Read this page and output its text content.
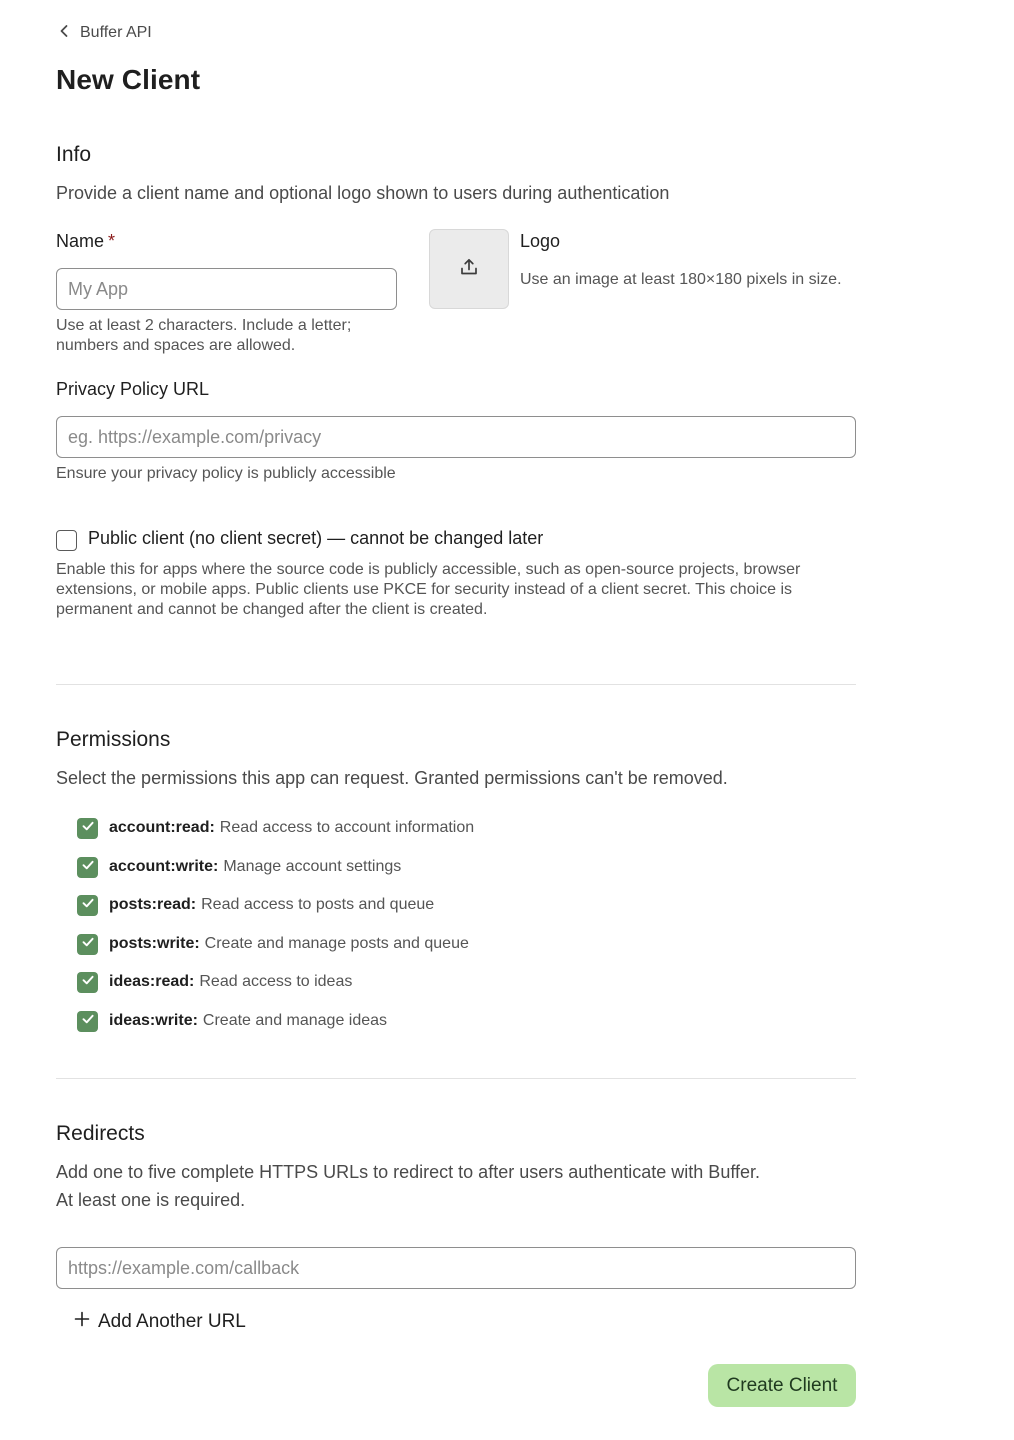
Buffer API
New Client
Info

Provide a client name and optional logo shown to users during authentication

Name *
My App
Use at least 2 characters. Include a letter;
numbers and spaces are allowed.
Logo
Use an image at least 180×180 pixels in size.
Privacy Policy URL
eg. https://example.com/privacy
Ensure your privacy policy is publicly accessible
Public client (no client secret) — cannot be changed later
Enable this for apps where the source code is publicly accessible, such as open-source projects, browser
extensions, or mobile apps. Public clients use PKCE for security instead of a client secret. This choice is
permanent and cannot be changed after the client is created.
Permissions

Select the permissions this app can request. Granted permissions can't be removed.

account:read: Read access to account information
account:write: Manage account settings
posts:read: Read access to posts and queue
posts:write: Create and manage posts and queue
ideas:read: Read access to ideas
ideas:write: Create and manage ideas
Redirects
Add one to five complete HTTPS URLs to redirect to after users authenticate with Buffer.
At least one is required.
https://example.com/callback
Add Another URL
Create Client
